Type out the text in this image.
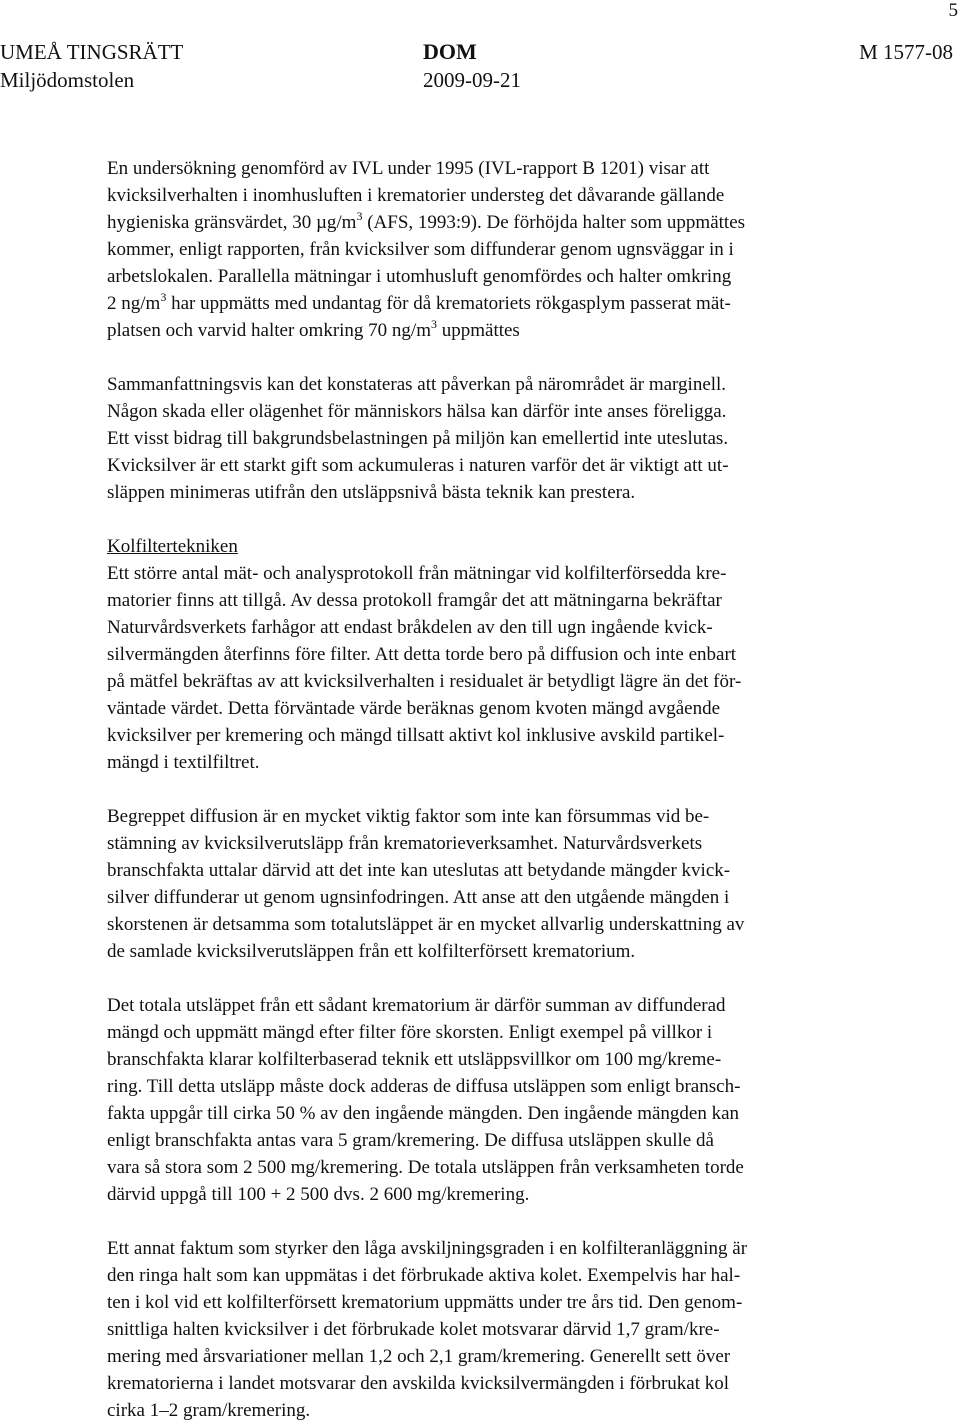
5
UMEÅ TINGSRÄTT
Miljödomstolen
DOM
2009-09-21
M 1577-08

En undersökning genomförd av IVL under 1995 (IVL-rapport B 1201) visar att
kvicksilverhalten i inomhusluften i krematorier understeg det dåvarande gällande
hygieniska gränsvärdet, 30 $\mu g/m^3$ (AFS, 1993:9). De förhöjda halter som uppmättes
kommer, enligt rapporten, från kvicksilver som diffunderar genom ugnsväggar in i
arbetslokalen. Parallella mätningar i utomhusluft genomfördes och halter omkring
2 $ng/m^3$ har uppmätts med undantag för då krematoriets rökgasplym passerat mät-
platsen och varvid halter omkring 70 $ng/m^3$ uppmättes

Sammanfattningsvis kan det konstateras att påverkan på närområdet är marginell.
Någon skada eller olägenhet för människors hälsa kan därför inte anses föreligga.
Ett visst bidrag till bakgrundsbelastningen på miljön kan emellertid inte uteslutas.
Kvicksilver är ett starkt gift som ackumuleras i naturen varför det är viktigt att ut-
släppen minimeras utifrån den utsläppsnivå bästa teknik kan prestera.

Kolfiltertekniken
Ett större antal mät- och analysprotokoll från mätningar vid kolfilterförsedda kre-
matorier finns att tillgå. Av dessa protokoll framgår det att mätningarna bekräftar
Naturvårdsverkets farhågor att endast bråkdelen av den till ugn ingående kvick-
silvermängden återfinns före filter. Att detta torde bero på diffusion och inte enbart
på mätfel bekräftas av att kvicksilverhalten i residualet är betydligt lägre än det för-
väntade värdet. Detta förväntade värde beräknas genom kvoten mängd avgående
kvicksilver per kremering och mängd tillsatt aktivt kol inklusive avskild partikel-
mängd i textilfiltret.

Begreppet diffusion är en mycket viktig faktor som inte kan försummas vid be-
stämning av kvicksilverutsläpp från krematorieverksamhet. Naturvårdsverkets
branschfakta uttalar därvid att det inte kan uteslutas att betydande mängder kvick-
silver diffunderar ut genom ugnsinfodringen. Att anse att den utgående mängden i
skorstenen är detsamma som totalutsläppet är en mycket allvarlig underskattning av
de samlade kvicksilverutsläppen från ett kolfilterförsett krematorium.

Det totala utsläppet från ett sådant krematorium är därför summan av diffunderad
mängd och uppmätt mängd efter filter före skorsten. Enligt exempel på villkor i
branschfakta klarar kolfilterbaserad teknik ett utsläppsvillkor om 100 mg/kreme-
ring. Till detta utsläpp måste dock adderas de diffusa utsläppen som enligt bransch-
fakta uppgår till cirka 50 % av den ingående mängden. Den ingående mängden kan
enligt branschfakta antas vara 5 gram/kremering. De diffusa utsläppen skulle då
vara så stora som 2 500 mg/kremering. De totala utsläppen från verksamheten torde
därvid uppgå till 100 + 2 500 dvs. 2 600 mg/kremering.

Ett annat faktum som styrker den låga avskiljningsgraden i en kolfilteranläggning är
den ringa halt som kan uppmätas i det förbrukade aktiva kolet. Exempelvis har hal-
ten i kol vid ett kolfilterförsett krematorium uppmätts under tre års tid. Den genom-
snittliga halten kvicksilver i det förbrukade kolet motsvarar därvid 1,7 gram/kre-
mering med årsvariationer mellan 1,2 och 2,1 gram/kremering. Generellt sett över
krematorierna i landet motsvarar den avskilda kvicksilvermängden i förbrukat kol
cirka 1–2 gram/kremering.
